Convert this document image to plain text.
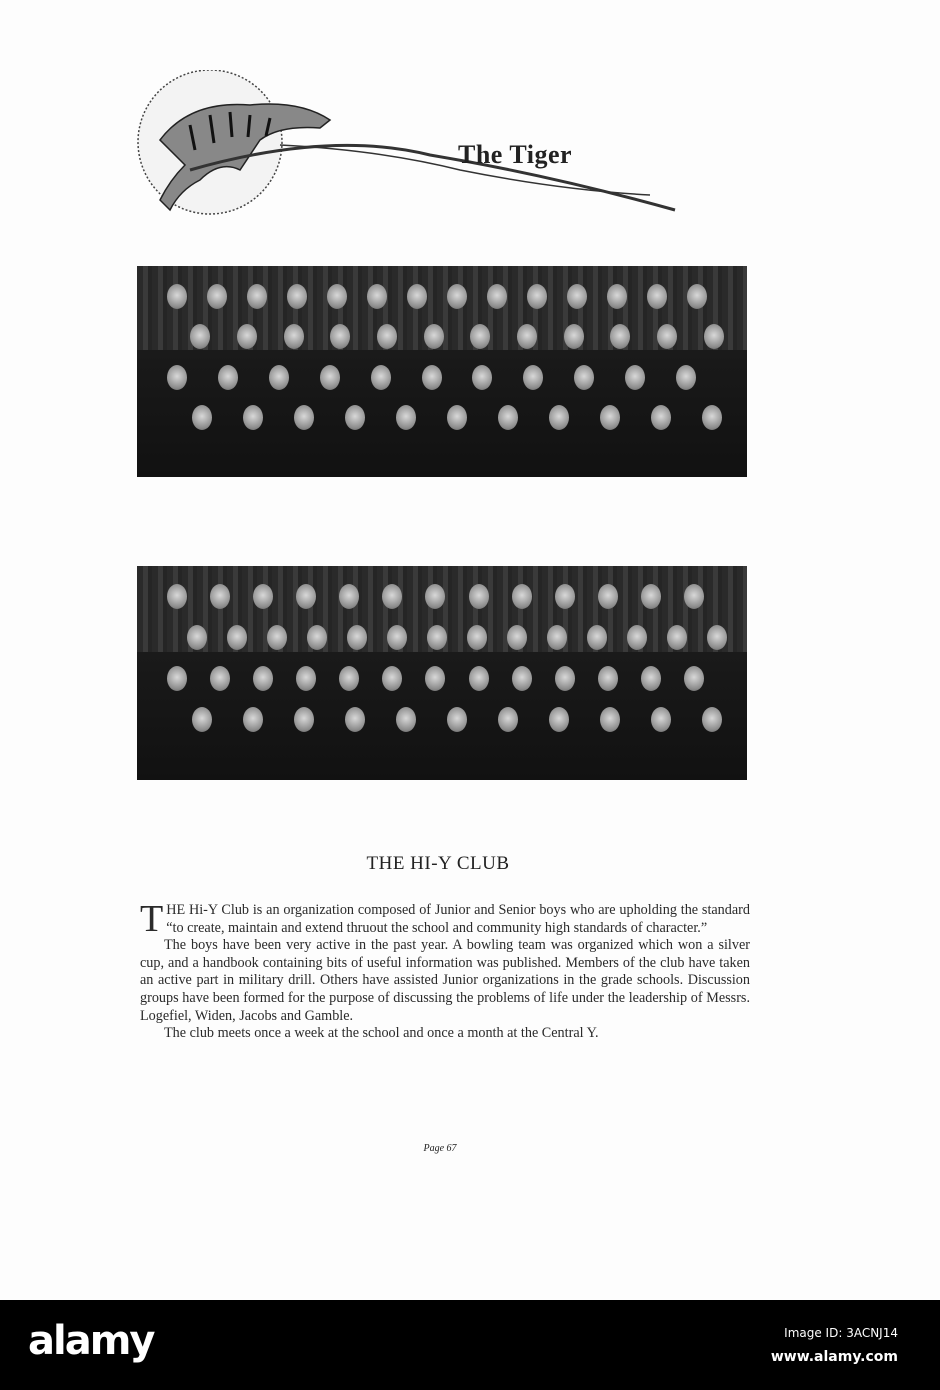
The Tiger
THE HI-Y CLUB

THE Hi-Y Club is an organization composed of Junior and Senior boys who are upholding the standard “to create, maintain and extend thruout the school and community high standards of character.”

The boys have been very active in the past year. A bowling team was organized which won a silver cup, and a handbook containing bits of useful information was published. Members of the club have taken an active part in military drill. Others have assisted Junior organizations in the grade schools. Discussion groups have been formed for the purpose of discussing the problems of life under the leadership of Messrs. Logefiel, Widen, Jacobs and Gamble.

The club meets once a week at the school and once a month at the Central Y.

Page 67
alamy	Image ID: 3ACNJ14
www.alamy.com
